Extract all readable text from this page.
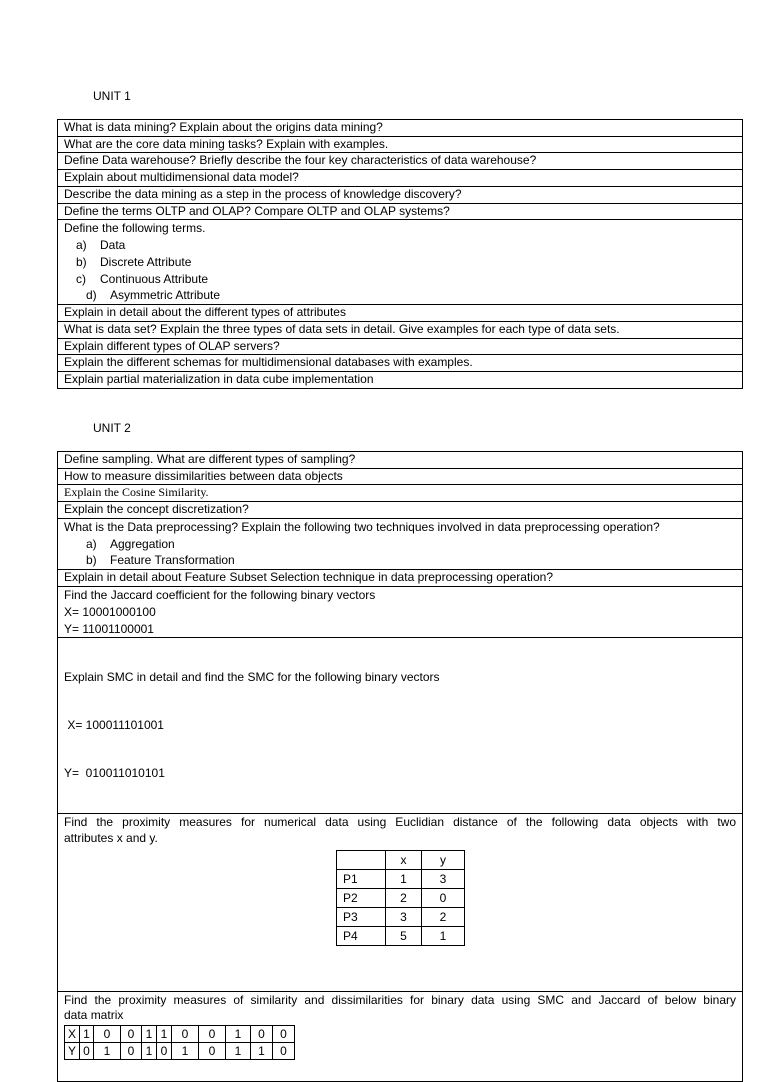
UNIT 1
What is data mining? Explain about the origins data mining?
What are the core data mining tasks? Explain with examples.
Define Data warehouse? Briefly describe the four key characteristics of data warehouse?
Explain about multidimensional data model?
Describe the data mining as a step in the process of knowledge discovery?
Define the terms OLTP and OLAP? Compare OLTP and OLAP systems?

Define the following terms.
a) Data
b) Discrete Attribute
c) Continuous Attribute
d) Asymmetric Attribute

Explain in detail about the different types of attributes
What is data set? Explain the three types of data sets in detail. Give examples for each type of data sets.
Explain different types of OLAP servers?
Explain the different schemas for multidimensional databases with examples.
Explain partial materialization in data cube implementation
UNIT 2
Define sampling. What are different types of sampling?
How to measure dissimilarities between data objects
Explain the Cosine Similarity.
Explain the concept discretization?

What is the Data preprocessing? Explain the following two techniques involved in data preprocessing operation?
a) Aggregation
b) Feature Transformation

Explain in detail about Feature Subset Selection technique in data preprocessing operation?

Find the Jaccard coefficient for the following binary vectors
X= 10001000100
Y= 11001100001

Explain SMC in detail and find the SMC for the following binary vectors

X= 100011101001

Y=  010011010101

Find the proximity measures for numerical data using Euclidian distance of the following data objects with two
attributes x and y.
	x	y
P1	1	3
P2	2	0
P3	3	2
P4	5	1

Find the proximity measures of similarity and dissimilarities for binary data using SMC and Jaccard of below binary
data matrix
X	1	0	0	1	1	0	0	1	0	0
Y	0	1	0	1	0	1	0	1	1	0
